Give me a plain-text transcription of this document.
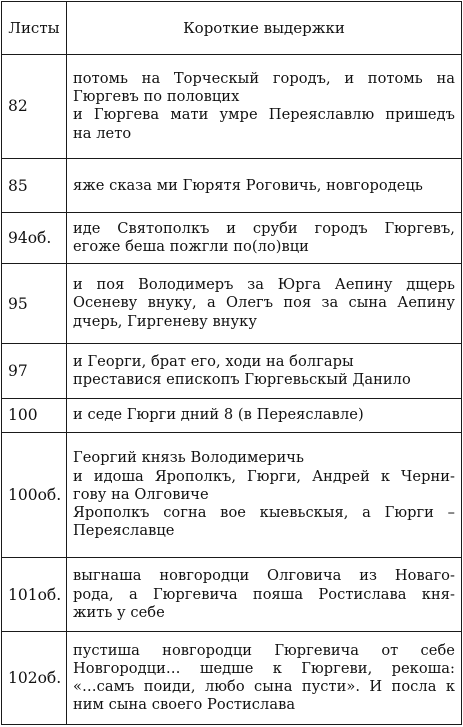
Листы	Короткие выдержки
82	потомь на Торческый городъ, и потомь на
Гюргевъ по половцих
и Гюргева мати умре Переяславлю пришедъ
на лето

85	яже сказа ми Гюрятя Роговичь, новгородець

94об.	иде Святополкъ и сруби городъ Гюргевъ,
егоже беша пожгли по(ло)вци

95	и поя Володимеръ за Юрга Аепину дщерь
Осеневу внуку, а Олегъ поя за сына Аепину
дчерь, Гиргеневу внуку

97	и Георги, брат его, ходи на болгары
преставися епископъ Гюргевьскый Данило

100	и седе Гюрги дний 8 (в Переяславле)

100об.	Георгий князь Володимеричь
и идоша Ярополкъ, Гюрги, Андрей к Черни-
гову на Олговиче
Ярополкъ согна вое кыевьскыя, а Гюрги –
Переяславце

101об.	выгнаша новгородци Олговича из Новаго-
рода, а Гюргевича пояша Ростислава кня-
жить у себе

102об.	пустиша новгородци Гюргевича от себе
Новгородци… шедше к Гюргеви, рекоша:
«…самъ поиди, любо сына пусти». И посла к
ним сына своего Ростислава
